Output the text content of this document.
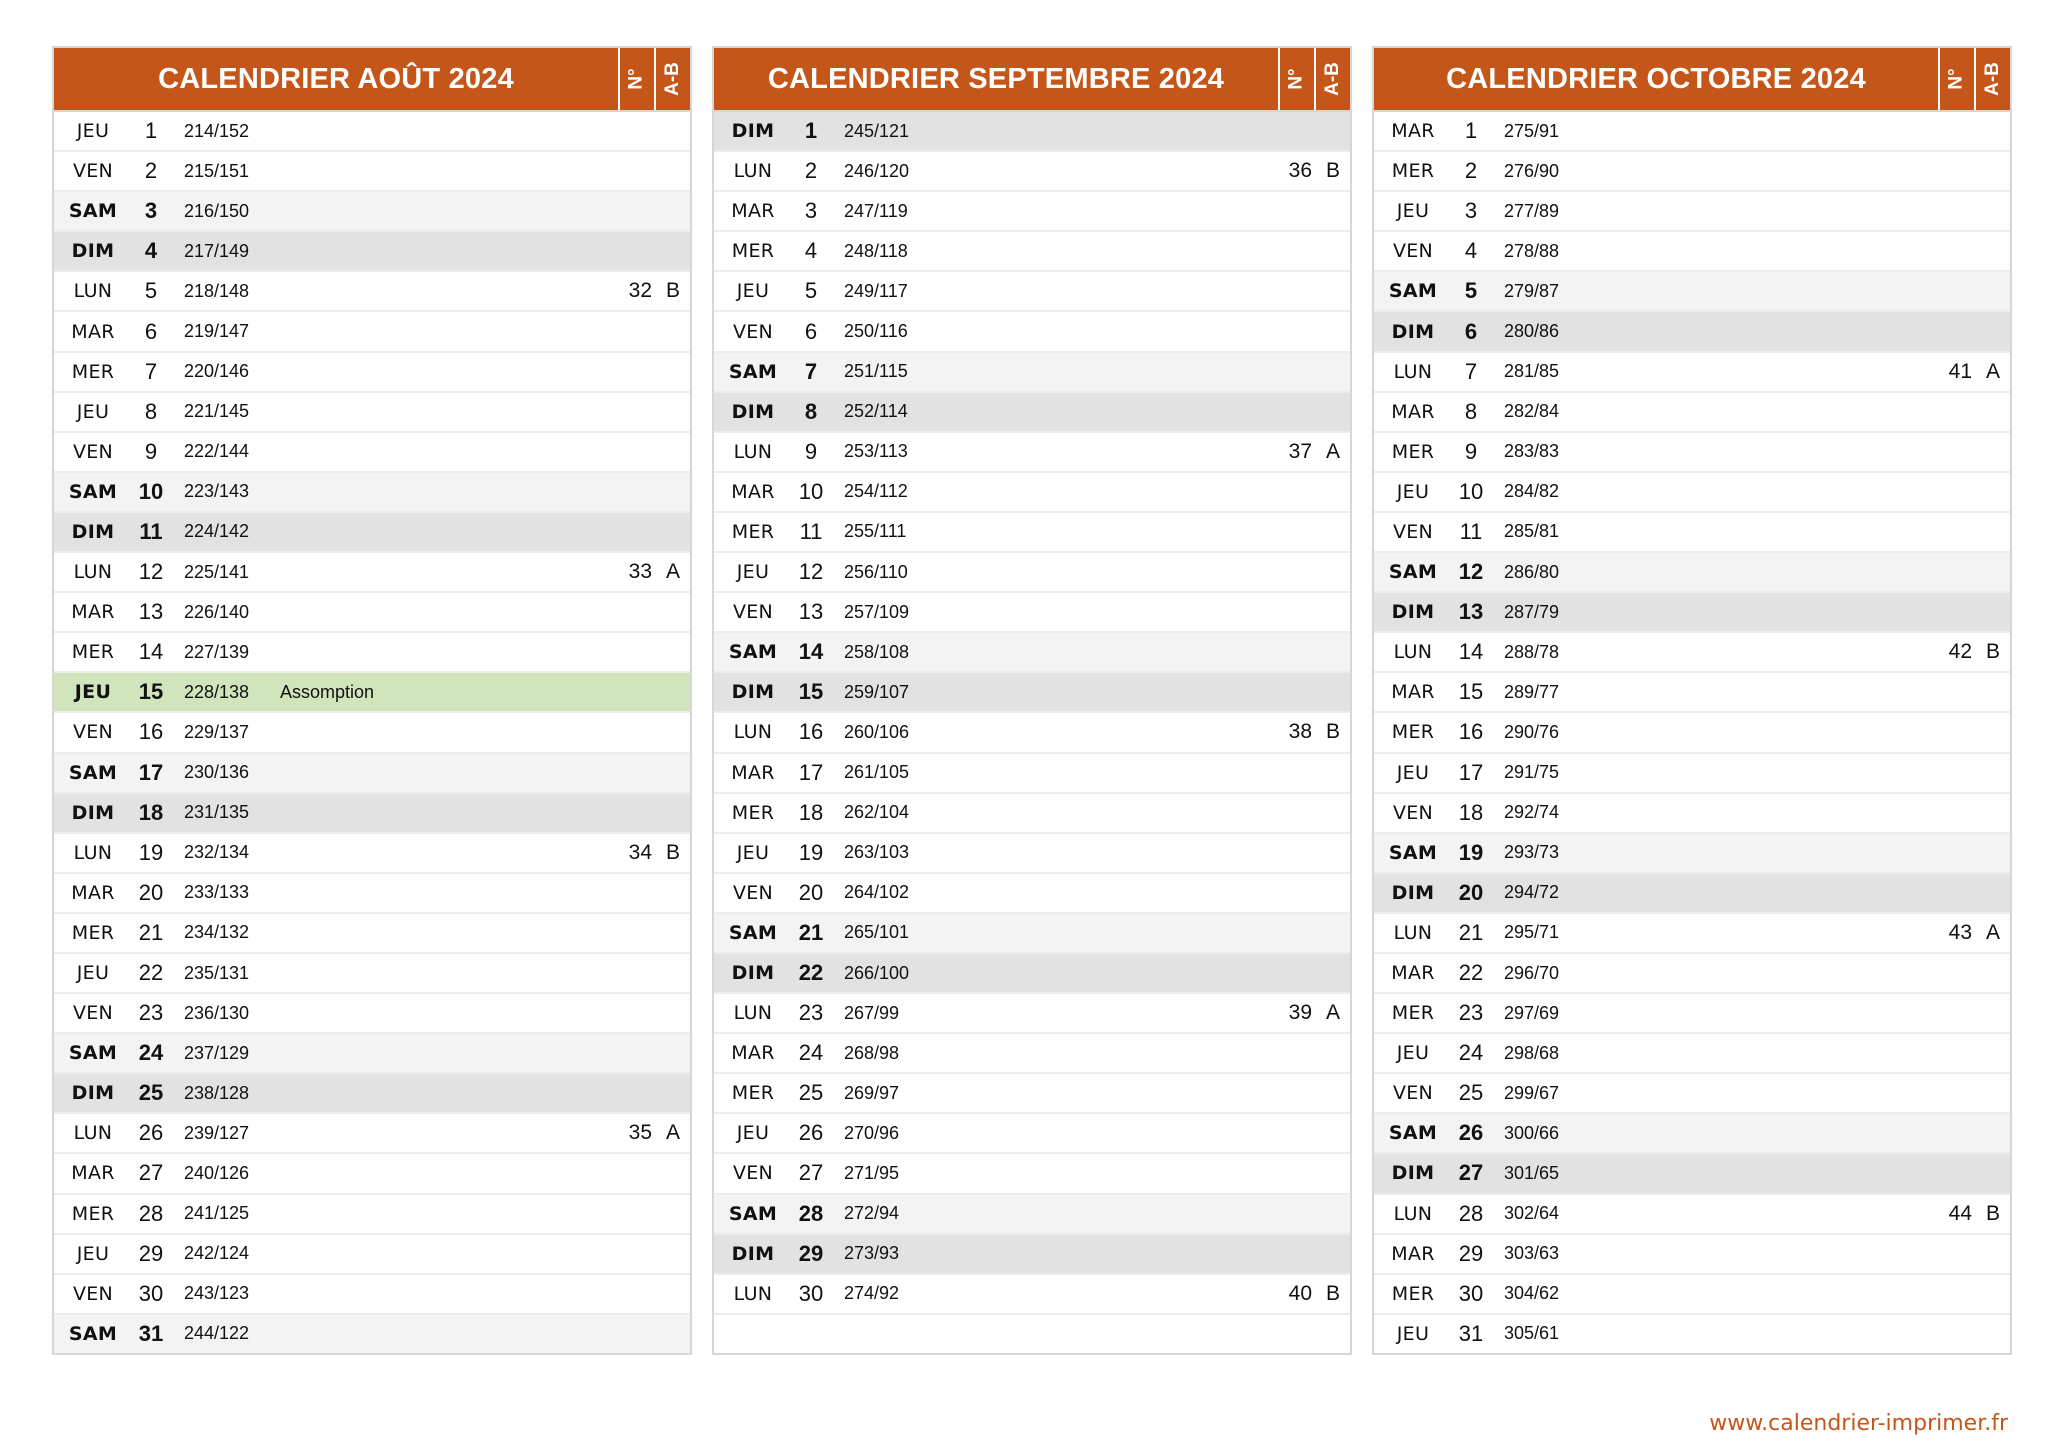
CALENDRIER AOÛT 2024	N° A-B
JEU	1	214/152
VEN	2	215/151
SAM	3	216/150
DIM	4	217/149
LUN	5	218/148	32 B
MAR	6	219/147
MER	7	220/146
JEU	8	221/145
VEN	9	222/144
SAM 10	223/143
DIM	11	224/142
LUN	12	225/141	33 A
MAR	13	226/140
MER	14	227/139
JEU	15	228/138	Assomption
VEN	16	229/137
SAM 17	230/136
DIM	18	231/135
LUN	19	232/134	34 B
MAR	20	233/133
MER	21	234/132
JEU	22	235/131
VEN	23	236/130
SAM 24	237/129
DIM	25	238/128
LUN	26	239/127	35 A
MAR	27	240/126
MER	28	241/125
JEU	29	242/124
VEN	30	243/123
SAM 31	244/122
CALENDRIER SEPTEMBRE 2024	N° A-B
DIM	1	245/121
LUN	2	246/120	36 B
MAR	3	247/119
MER	4	248/118
JEU	5	249/117
VEN	6	250/116
SAM	7	251/115
DIM	8	252/114
LUN	9	253/113	37 A
MAR	10	254/112
MER	11	255/111
JEU	12	256/110
VEN	13	257/109
SAM 14	258/108
DIM	15	259/107
LUN	16	260/106	38 B
MAR	17	261/105
MER	18	262/104
JEU	19	263/103
VEN	20	264/102
SAM 21	265/101
DIM	22	266/100
LUN	23	267/99	39 A
MAR	24	268/98
MER	25	269/97
JEU	26	270/96
VEN	27	271/95
SAM 28	272/94
DIM	29	273/93
LUN	30	274/92	40 B
CALENDRIER OCTOBRE 2024	N° A-B
MAR	1	275/91
MER	2	276/90
JEU	3	277/89
VEN	4	278/88
SAM	5	279/87
DIM	6	280/86
LUN	7	281/85	41 A
MAR	8	282/84
MER	9	283/83
JEU	10	284/82
VEN	11	285/81
SAM 12	286/80
DIM	13	287/79
LUN	14	288/78	42 B
MAR	15	289/77
MER	16	290/76
JEU	17	291/75
VEN	18	292/74
SAM 19	293/73
DIM	20	294/72
LUN	21	295/71	43 A
MAR	22	296/70
MER	23	297/69
JEU	24	298/68
VEN	25	299/67
SAM 26	300/66
DIM	27	301/65
LUN	28	302/64	44 B
MAR	29	303/63
MER	30	304/62
JEU	31	305/61
www.calendrier-imprimer.fr
